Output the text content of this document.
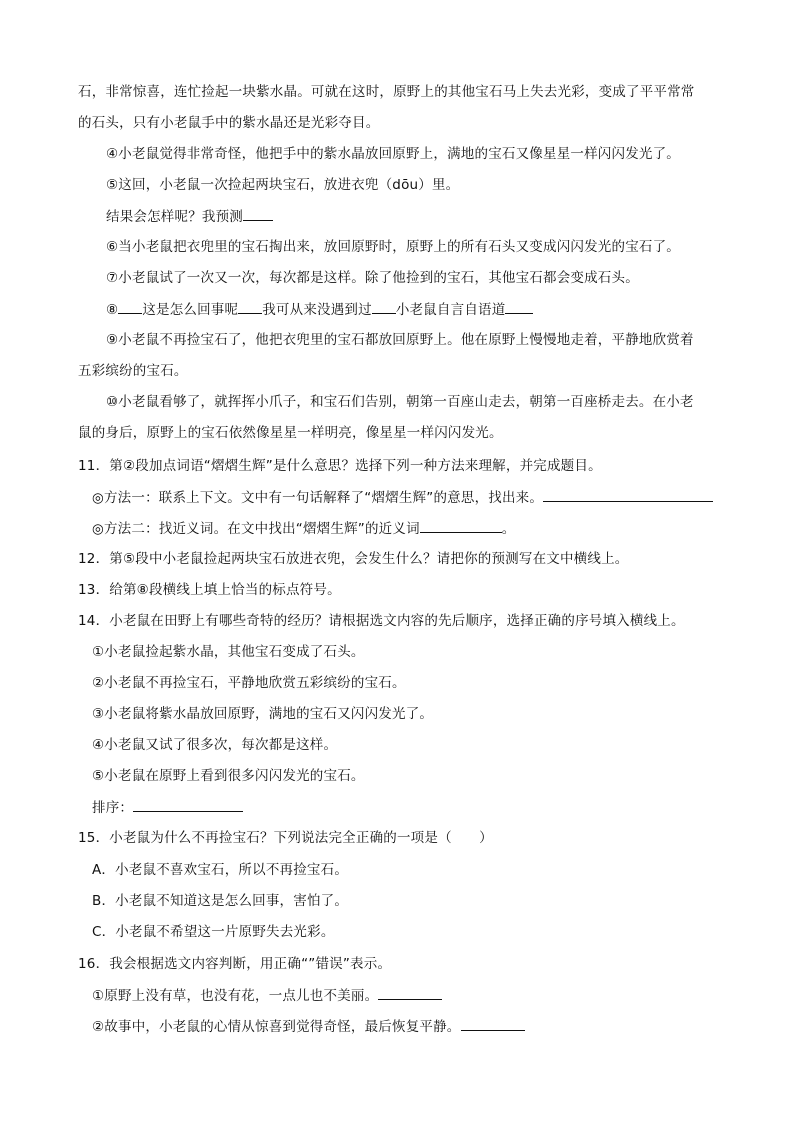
石，非常惊喜，连忙捡起一块紫水晶。可就在这时，原野上的其他宝石马上失去光彩，变成了平平常常
的石头，只有小老鼠手中的紫水晶还是光彩夺目。
④小老鼠觉得非常奇怪，他把手中的紫水晶放回原野上，满地的宝石又像星星一样闪闪发光了。
⑤这回，小老鼠一次捡起两块宝石，放进衣兜（dōu）里。
结果会怎样呢？我预测
⑥当小老鼠把衣兜里的宝石掏出来，放回原野时，原野上的所有石头又变成闪闪发光的宝石了。
⑦小老鼠试了一次又一次，每次都是这样。除了他捡到的宝石，其他宝石都会变成石头。
⑧ 这是怎么回事呢 我可从来没遇到过 小老鼠自言自语道
⑨小老鼠不再捡宝石了，他把衣兜里的宝石都放回原野上。他在原野上慢慢地走着，平静地欣赏着
五彩缤纷的宝石。
⑩小老鼠看够了，就挥挥小爪子，和宝石们告别，朝第一百座山走去，朝第一百座桥走去。在小老
鼠的身后，原野上的宝石依然像星星一样明亮，像星星一样闪闪发光。
11．第②段加点词语“熠熠生辉”是什么意思？选择下列一种方法来理解，并完成题目。
◎方法一：联系上下文。文中有一句话解释了“熠熠生辉”的意思，找出来。
◎方法二：找近义词。在文中找出“熠熠生辉”的近义词	。
12．第⑤段中小老鼠捡起两块宝石放进衣兜，会发生什么？请把你的预测写在文中横线上。
13．给第⑧段横线上填上恰当的标点符号。
14．小老鼠在田野上有哪些奇特的经历？请根据选文内容的先后顺序，选择正确的序号填入横线上。
①小老鼠捡起紫水晶，其他宝石变成了石头。
②小老鼠不再捡宝石，平静地欣赏五彩缤纷的宝石。
③小老鼠将紫水晶放回原野，满地的宝石又闪闪发光了。
④小老鼠又试了很多次，每次都是这样。
⑤小老鼠在原野上看到很多闪闪发光的宝石。
排序：
15．小老鼠为什么不再捡宝石？下列说法完全正确的一项是（　　）
A．小老鼠不喜欢宝石，所以不再捡宝石。
B．小老鼠不知道这是怎么回事，害怕了。
C．小老鼠不希望这一片原野失去光彩。
16．我会根据选文内容判断，用正确“”错误”表示。
①原野上没有草，也没有花，一点儿也不美丽。
②故事中，小老鼠的心情从惊喜到觉得奇怪，最后恢复平静。
